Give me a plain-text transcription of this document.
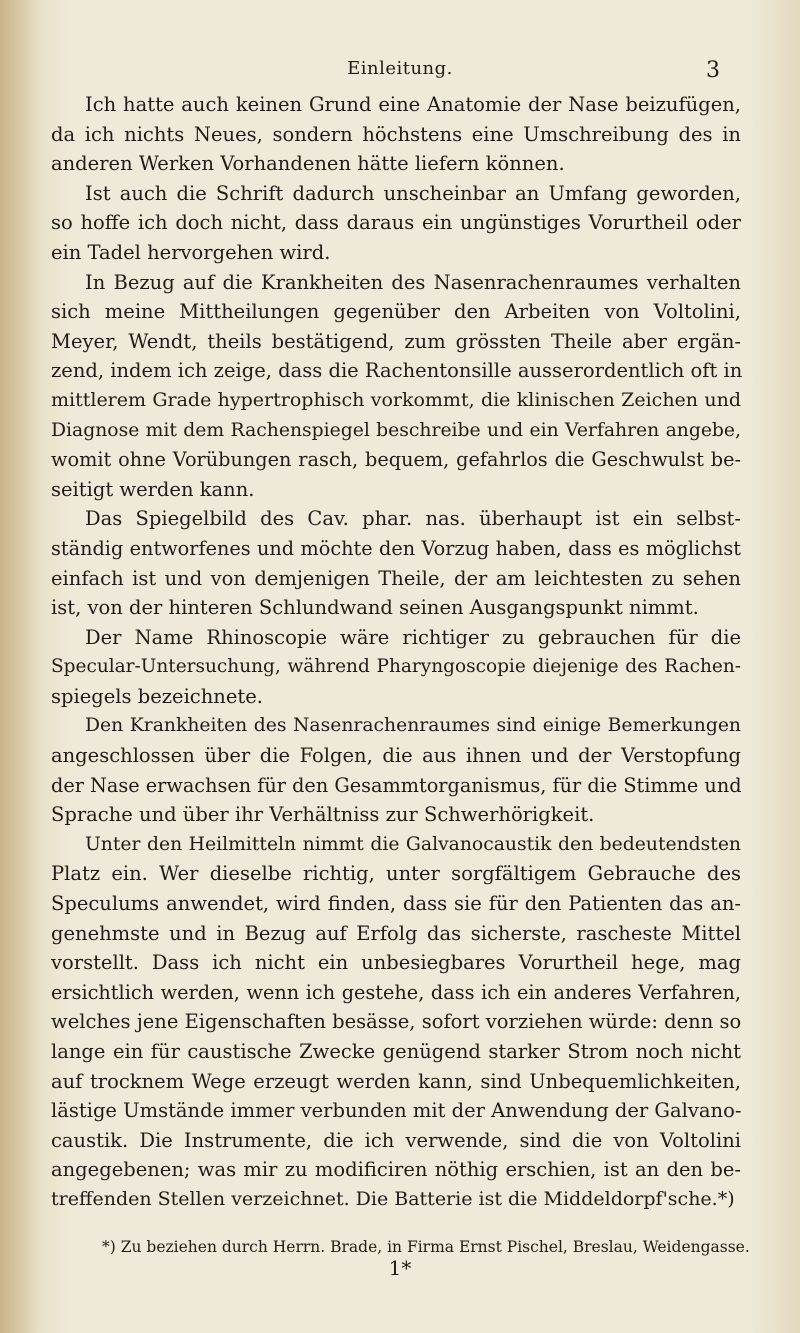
Einleitung.	3
Ich hatte auch keinen Grund eine Anatomie der Nase beizufügen,
da ich nichts Neues, sondern höchstens eine Umschreibung des in
anderen Werken Vorhandenen hätte liefern können.
Ist auch die Schrift dadurch unscheinbar an Umfang geworden,
so hoffe ich doch nicht, dass daraus ein ungünstiges Vorurtheil oder
ein Tadel hervorgehen wird.
In Bezug auf die Krankheiten des Nasenrachenraumes verhalten
sich meine Mittheilungen gegenüber den Arbeiten von Voltolini,
Meyer, Wendt, theils bestätigend, zum grössten Theile aber ergän-
zend, indem ich zeige, dass die Rachentonsille ausserordentlich oft in
mittlerem Grade hypertrophisch vorkommt, die klinischen Zeichen und
Diagnose mit dem Rachenspiegel beschreibe und ein Verfahren angebe,
womit ohne Vorübungen rasch, bequem, gefahrlos die Geschwulst be-
seitigt werden kann.
Das Spiegelbild des Cav. phar. nas. überhaupt ist ein selbst-
ständig entworfenes und möchte den Vorzug haben, dass es möglichst
einfach ist und von demjenigen Theile, der am leichtesten zu sehen
ist, von der hinteren Schlundwand seinen Ausgangspunkt nimmt.
Der Name Rhinoscopie wäre richtiger zu gebrauchen für die
Specular-Untersuchung, während Pharyngoscopie diejenige des Rachen-
spiegels bezeichnete.
Den Krankheiten des Nasenrachenraumes sind einige Bemerkungen
angeschlossen über die Folgen, die aus ihnen und der Verstopfung
der Nase erwachsen für den Gesammtorganismus, für die Stimme und
Sprache und über ihr Verhältniss zur Schwerhörigkeit.
Unter den Heilmitteln nimmt die Galvanocaustik den bedeutendsten
Platz ein. Wer dieselbe richtig, unter sorgfältigem Gebrauche des
Speculums anwendet, wird finden, dass sie für den Patienten das an-
genehmste und in Bezug auf Erfolg das sicherste, rascheste Mittel
vorstellt. Dass ich nicht ein unbesiegbares Vorurtheil hege, mag
ersichtlich werden, wenn ich gestehe, dass ich ein anderes Verfahren,
welches jene Eigenschaften besässe, sofort vorziehen würde: denn so
lange ein für caustische Zwecke genügend starker Strom noch nicht
auf trocknem Wege erzeugt werden kann, sind Unbequemlichkeiten,
lästige Umstände immer verbunden mit der Anwendung der Galvano-
caustik. Die Instrumente, die ich verwende, sind die von Voltolini
angegebenen; was mir zu modificiren nöthig erschien, ist an den be-
treffenden Stellen verzeichnet. Die Batterie ist die Middeldorpf'sche.*)
*) Zu beziehen durch Herrn. Brade, in Firma Ernst Pischel, Breslau, Weidengasse.
1*
